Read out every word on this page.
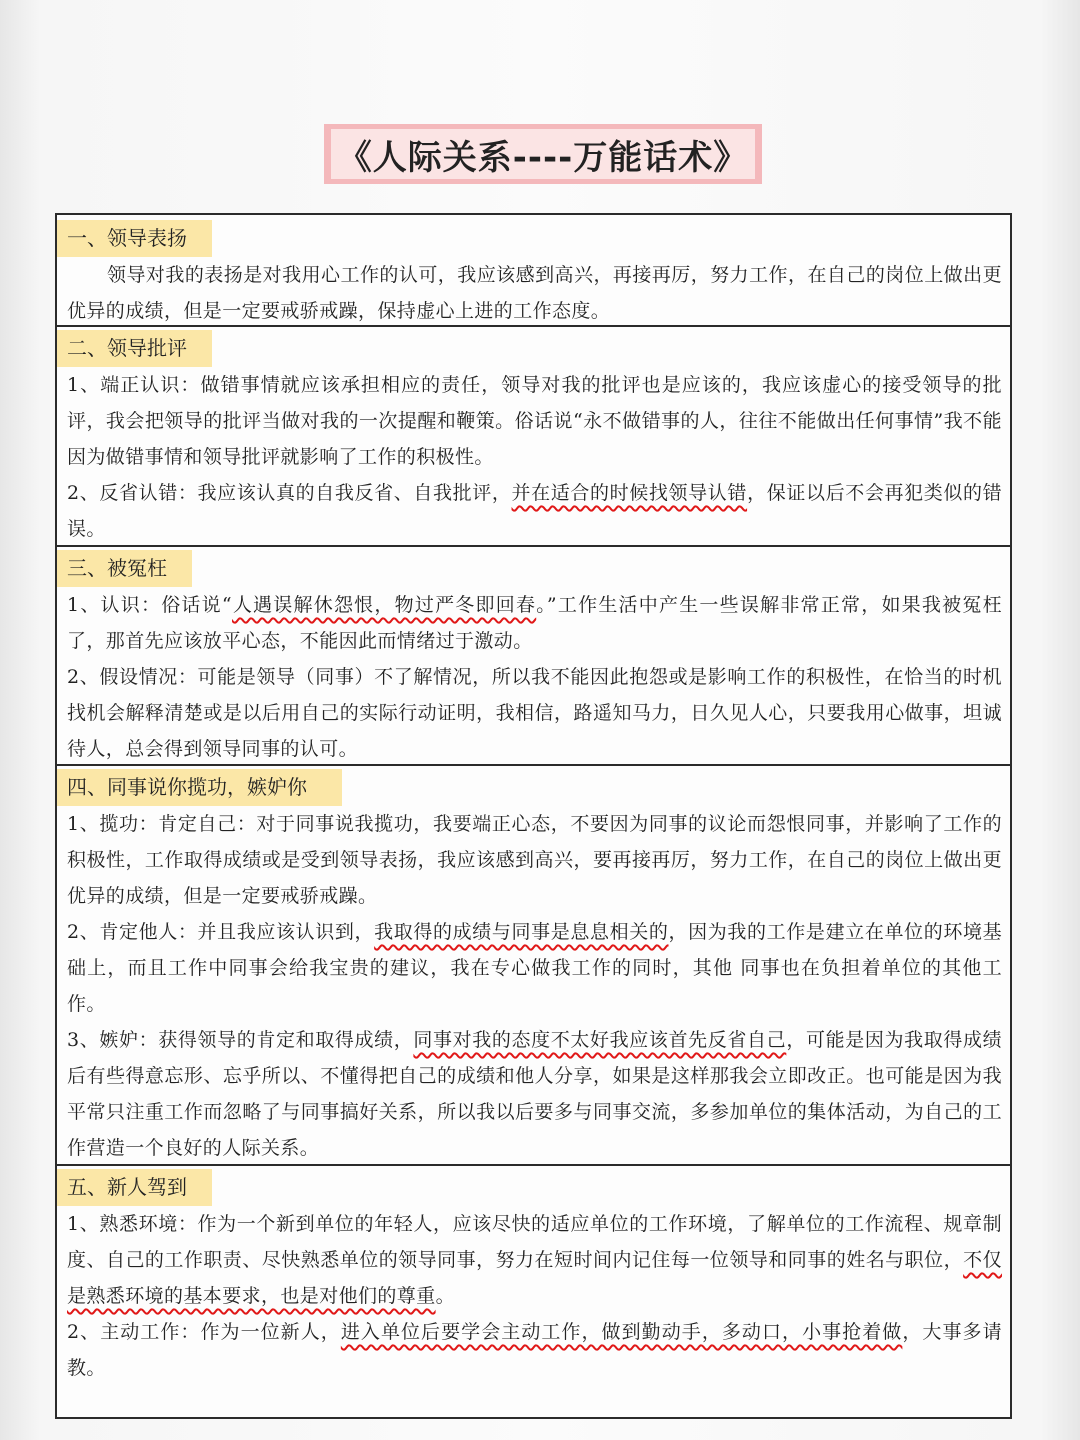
《人际关系----万能话术》
一、领导表扬

领导对我的表扬是对我用心工作的认可，我应该感到高兴，再接再厉，努力工作，在自己的岗位上做出更优异的成绩，但是一定要戒骄戒躁，保持虚心上进的工作态度。

二、领导批评

1、端正认识：做错事情就应该承担相应的责任，领导对我的批评也是应该的，我应该虚心的接受领导的批评，我会把领导的批评当做对我的一次提醒和鞭策。俗话说“永不做错事的人，往往不能做出任何事情”我不能因为做错事情和领导批评就影响了工作的积极性。

2、反省认错：我应该认真的自我反省、自我批评，并在适合的时候找领导认错，保证以后不会再犯类似的错误。

三、被冤枉

1、认识：俗话说“人遇误解休怨恨，物过严冬即回春。”工作生活中产生一些误解非常正常，如果我被冤枉了，那首先应该放平心态，不能因此而情绪过于激动。

2、假设情况：可能是领导（同事）不了解情况，所以我不能因此抱怨或是影响工作的积极性，在恰当的时机找机会解释清楚或是以后用自己的实际行动证明，我相信，路遥知马力，日久见人心，只要我用心做事，坦诚待人，总会得到领导同事的认可。

四、同事说你揽功，嫉妒你

1、揽功：肯定自己：对于同事说我揽功，我要端正心态，不要因为同事的议论而怨恨同事，并影响了工作的积极性，工作取得成绩或是受到领导表扬，我应该感到高兴，要再接再厉，努力工作，在自己的岗位上做出更优异的成绩，但是一定要戒骄戒躁。

2、肯定他人：并且我应该认识到，我取得的成绩与同事是息息相关的，因为我的工作是建立在单位的环境基础上，而且工作中同事会给我宝贵的建议，我在专心做我工作的同时，其他 同事也在负担着单位的其他工作。

3、嫉妒：获得领导的肯定和取得成绩，同事对我的态度不太好我应该首先反省自己，可能是因为我取得成绩后有些得意忘形、忘乎所以、不懂得把自己的成绩和他人分享，如果是这样那我会立即改正。也可能是因为我平常只注重工作而忽略了与同事搞好关系，所以我以后要多与同事交流，多参加单位的集体活动，为自己的工作营造一个良好的人际关系。

五、新人驾到

1、熟悉环境：作为一个新到单位的年轻人，应该尽快的适应单位的工作环境，了解单位的工作流程、规章制度、自己的工作职责、尽快熟悉单位的领导同事，努力在短时间内记住每一位领导和同事的姓名与职位，不仅是熟悉环境的基本要求，也是对他们的尊重。

2、主动工作：作为一位新人，进入单位后要学会主动工作，做到勤动手，多动口，小事抢着做，大事多请教。
